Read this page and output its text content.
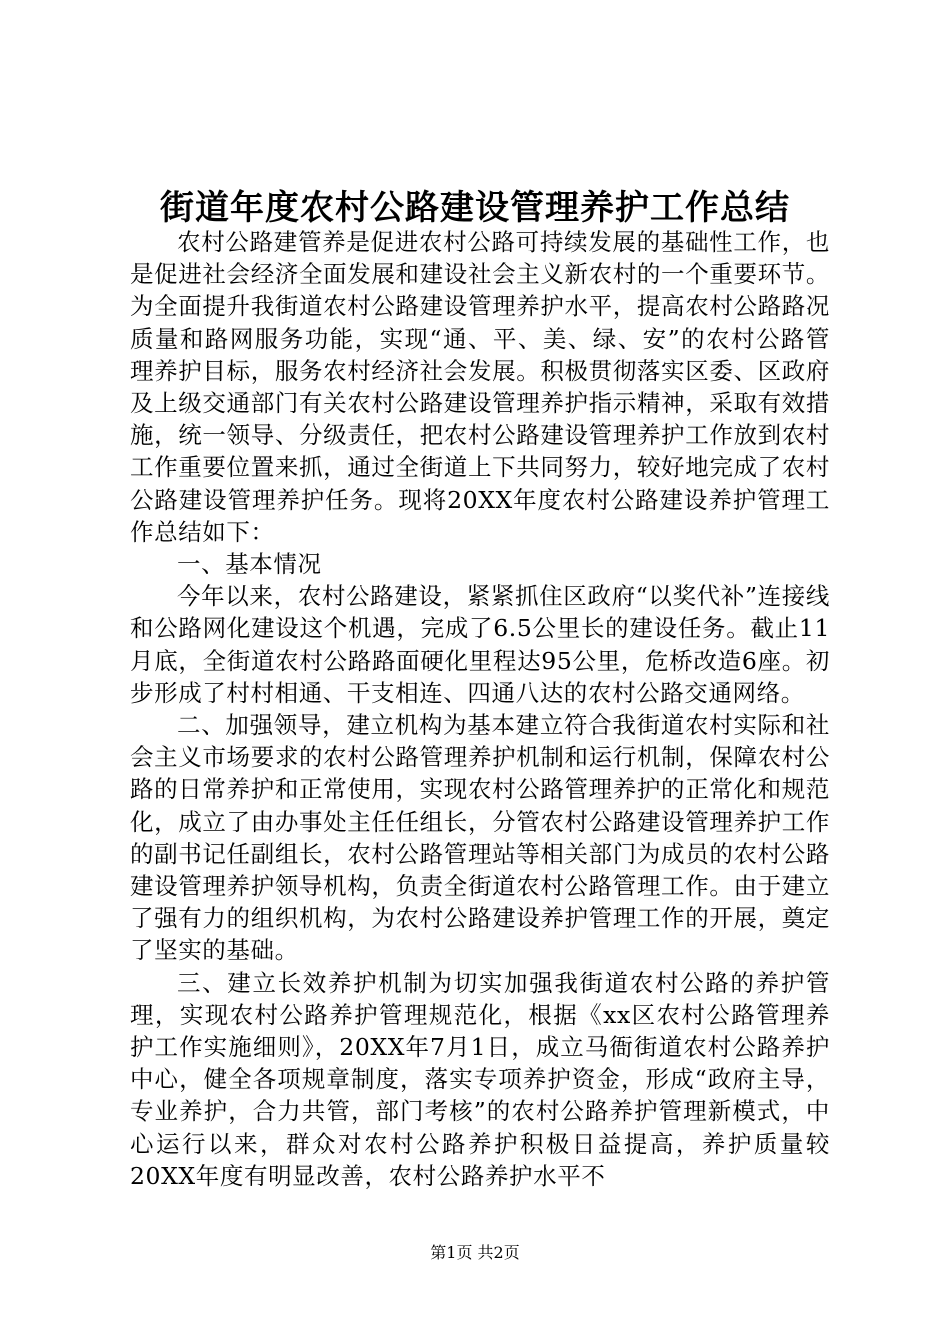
街道年度农村公路建设管理养护工作总结

农村公路建管养是促进农村公路可持续发展的基础性工作，也是促进社会经济全面发展和建设社会主义新农村的一个重要环节。为全面提升我街道农村公路建设管理养护水平，提高农村公路路况质量和路网服务功能，实现“通、平、美、绿、安”的农村公路管理养护目标，服务农村经济社会发展。积极贯彻落实区委、区政府及上级交通部门有关农村公路建设管理养护指示精神，采取有效措施，统一领导、分级责任，把农村公路建设管理养护工作放到农村工作重要位置来抓，通过全街道上下共同努力，较好地完成了农村公路建设管理养护任务。现将20XX年度农村公路建设养护管理工作总结如下：

一、基本情况

今年以来，农村公路建设，紧紧抓住区政府“以奖代补”连接线和公路网化建设这个机遇，完成了6.5公里长的建设任务。截止11月底，全街道农村公路路面硬化里程达95公里，危桥改造6座。初步形成了村村相通、干支相连、四通八达的农村公路交通网络。

二、加强领导，建立机构为基本建立符合我街道农村实际和社会主义市场要求的农村公路管理养护机制和运行机制，保障农村公路的日常养护和正常使用，实现农村公路管理养护的正常化和规范化，成立了由办事处主任任组长，分管农村公路建设管理养护工作的副书记任副组长，农村公路管理站等相关部门为成员的农村公路建设管理养护领导机构，负责全街道农村公路管理工作。由于建立了强有力的组织机构，为农村公路建设养护管理工作的开展，奠定了坚实的基础。

三、建立长效养护机制为切实加强我街道农村公路的养护管理，实现农村公路养护管理规范化，根据《xx区农村公路管理养护工作实施细则》，20XX年7月1日，成立马衙街道农村公路养护中心，健全各项规章制度，落实专项养护资金，形成“政府主导，专业养护，合力共管，部门考核”的农村公路养护管理新模式，中心运行以来，群众对农村公路养护积极日益提高，养护质量较20XX年度有明显改善，农村公路养护水平不

第1页 共2页
